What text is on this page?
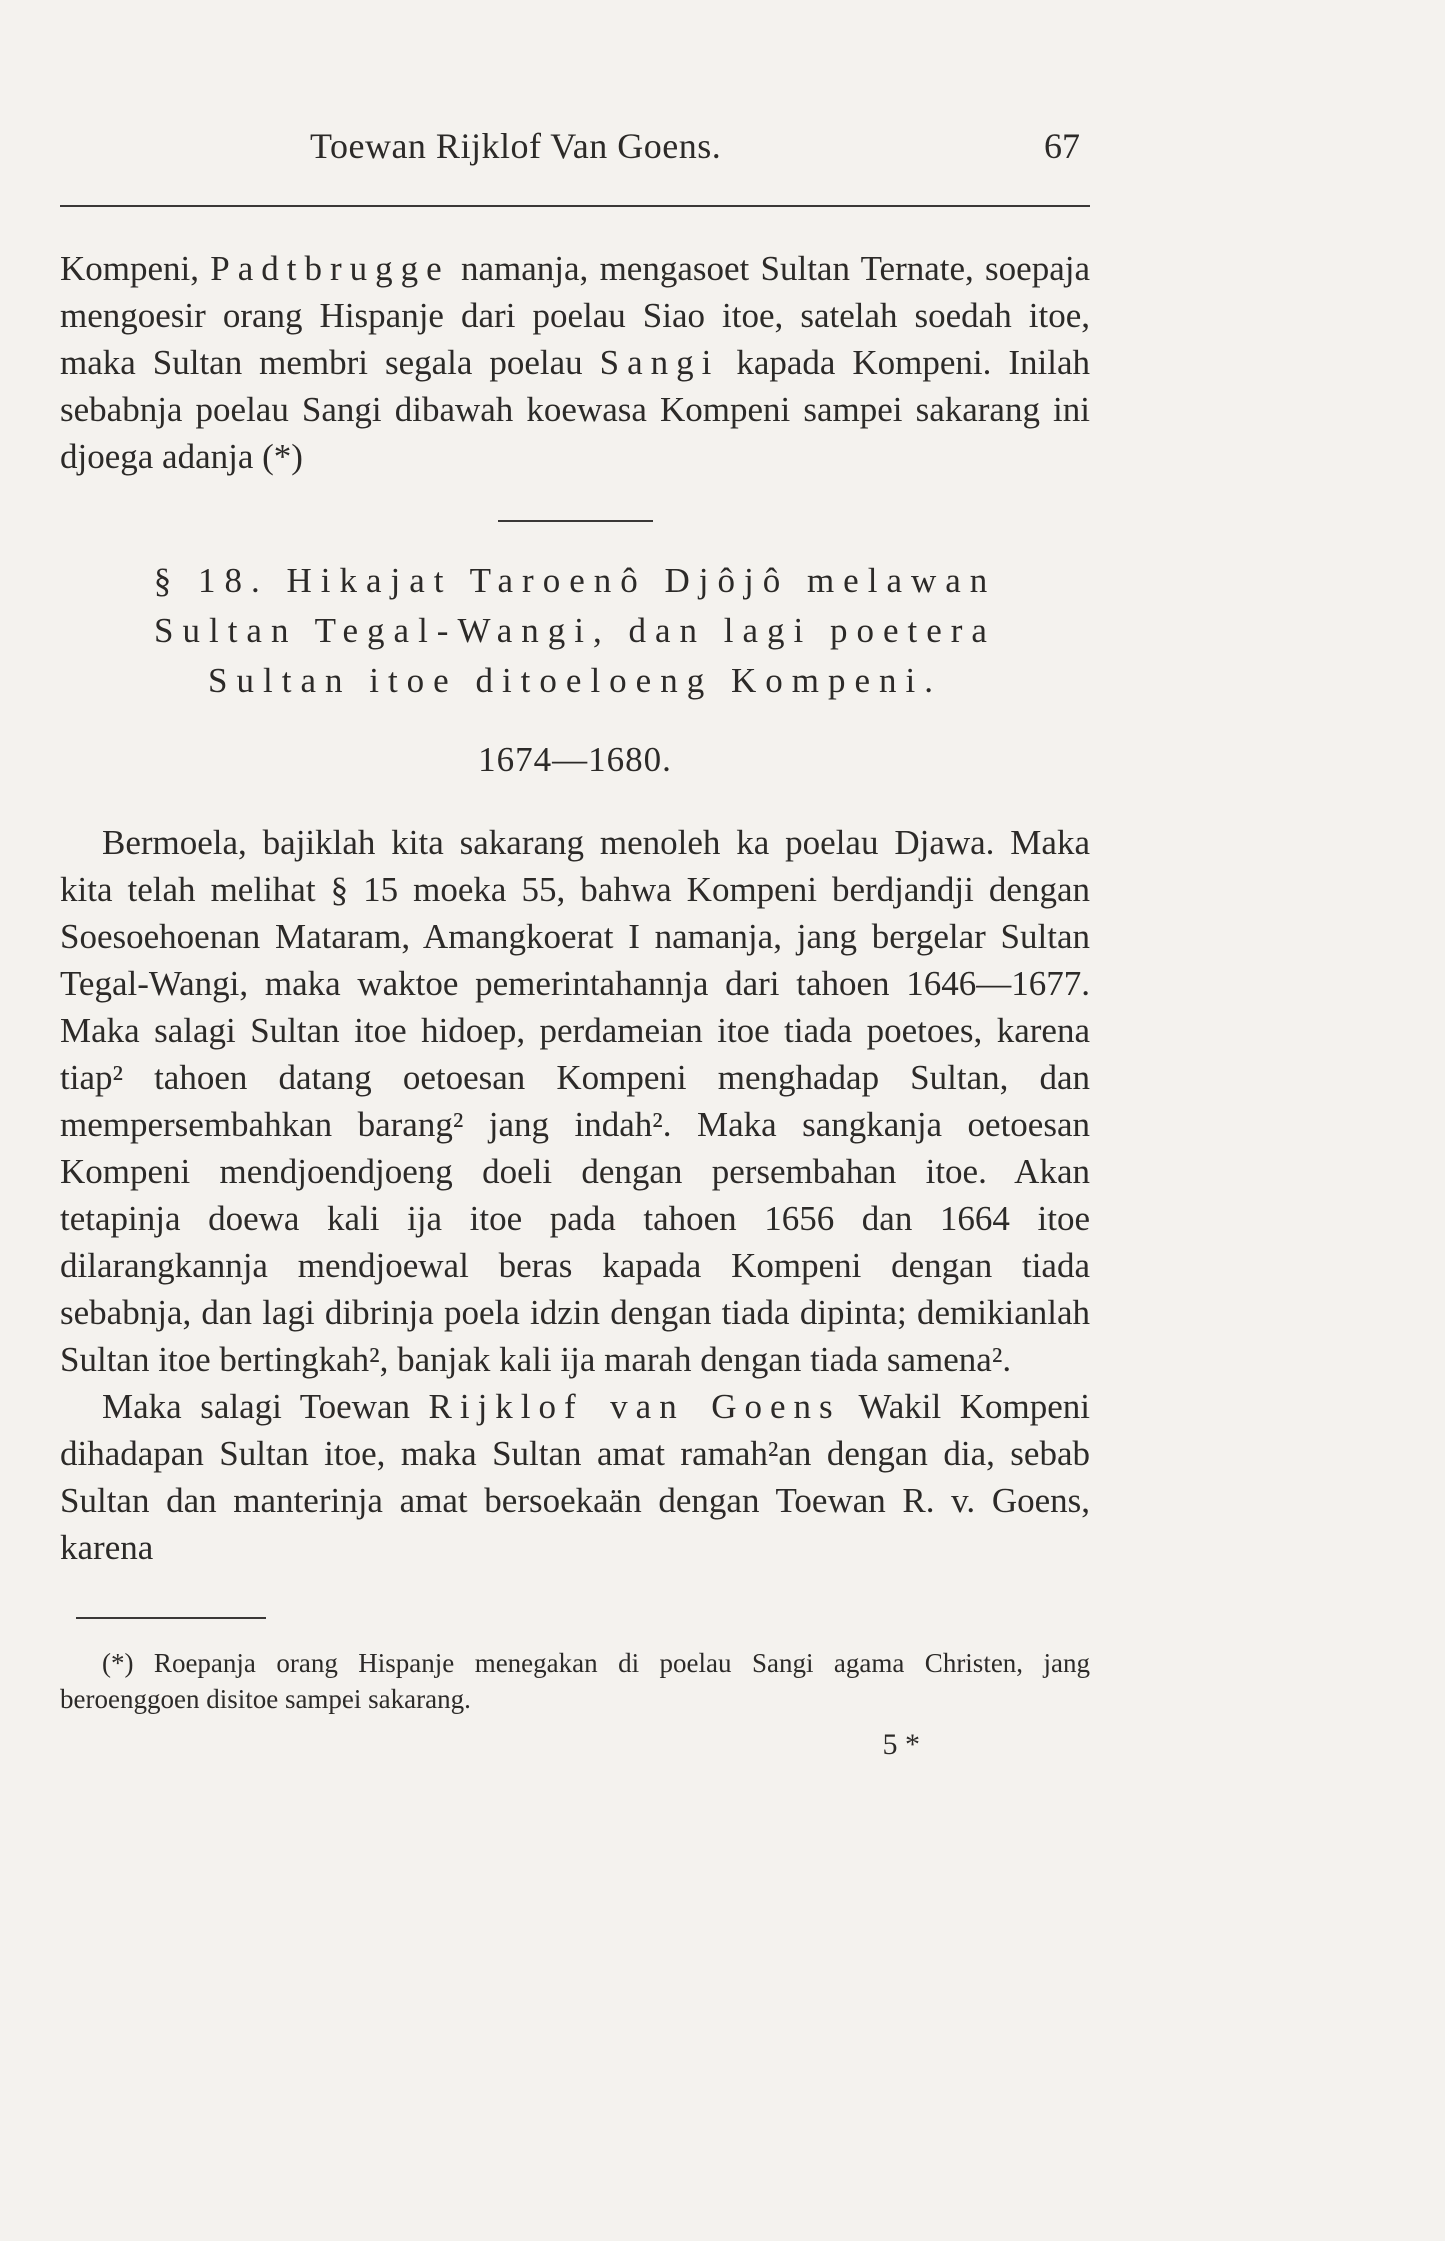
Toewan Rijklof Van Goens.	67

Kompeni, Padtbrugge namanja, mengasoet Sultan Ternate, soepaja mengoesir orang Hispanje dari poelau Siao itoe, satelah soedah itoe, maka Sultan membri segala poelau Sangi kapada Kompeni. Inilah sebabnja poelau Sangi dibawah koewasa Kompeni sampei sakarang ini djoega adanja (*)

§ 18. Hikajat Taroenô Djôjô melawan
Sultan Tegal-Wangi, dan lagi poetera
Sultan itoe ditoeloeng Kompeni.
1674—1680.

Bermoela, bajiklah kita sakarang menoleh ka poelau Djawa. Maka kita telah melihat § 15 moeka 55, bahwa Kompeni berdjandji dengan Soesoehoenan Mataram, Amangkoerat I namanja, jang bergelar Sultan Tegal-Wangi, maka waktoe pemerintahannja dari tahoen 1646—1677. Maka salagi Sultan itoe hidoep, perdameian itoe tiada poetoes, karena tiap² tahoen datang oetoesan Kompeni menghadap Sultan, dan mempersembahkan barang² jang indah². Maka sangkanja oetoesan Kompeni mendjoendjoeng doeli dengan persembahan itoe. Akan tetapinja doewa kali ija itoe pada tahoen 1656 dan 1664 itoe dilarangkannja mendjoewal beras kapada Kompeni dengan tiada sebabnja, dan lagi dibrinja poela idzin dengan tiada dipinta; demikianlah Sultan itoe bertingkah², banjak kali ija marah dengan tiada samena².

Maka salagi Toewan Rijklof van Goens Wakil Kompeni dihadapan Sultan itoe, maka Sultan amat ramah²an dengan dia, sebab Sultan dan manterinja amat bersoekaän dengan Toewan R. v. Goens, karena

(*) Roepanja orang Hispanje menegakan di poelau Sangi agama Christen, jang beroenggoen disitoe sampei sakarang.

5 *
